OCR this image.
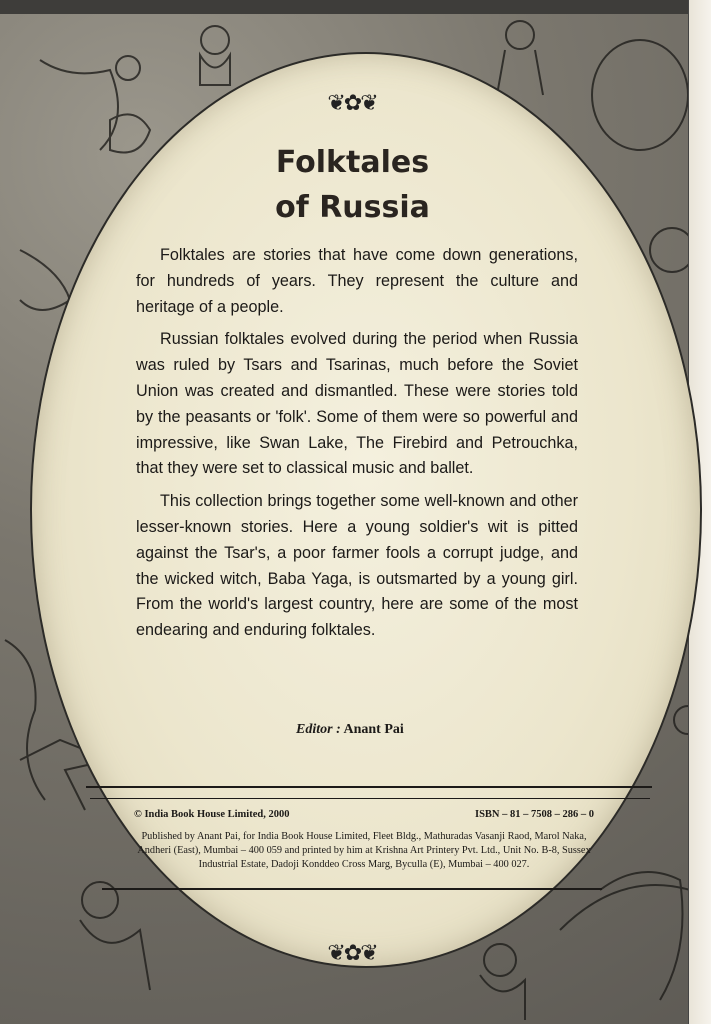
❦✿❦
Folktales
of Russia

Folktales are stories that have come down generations, for hundreds of years. They represent the culture and heritage of a people.

Russian folktales evolved during the period when Russia was ruled by Tsars and Tsarinas, much before the Soviet Union was created and dismantled. These were stories told by the peasants or 'folk'. Some of them were so powerful and impressive, like Swan Lake, The Firebird and Petrouchka, that they were set to classical music and ballet.

This collection brings together some well-known and other lesser-known stories. Here a young soldier's wit is pitted against the Tsar's, a poor farmer fools a corrupt judge, and the wicked witch, Baba Yaga, is outsmarted by a young girl. From the world's largest country, here are some of the most endearing and enduring folktales.

Editor : Anant Pai
© India Book House Limited, 2000	ISBN – 81 – 7508 – 286 – 0
Published by Anant Pai, for India Book House Limited, Fleet Bldg., Mathuradas Vasanji Raod, Marol Naka, Andheri (East), Mumbai – 400 059 and printed by him at Krishna Art Printery Pvt. Ltd., Unit No. B-8, Sussex Industrial Estate, Dadoji Konddeo Cross Marg, Byculla (E), Mumbai – 400 027.
❦✿❦
